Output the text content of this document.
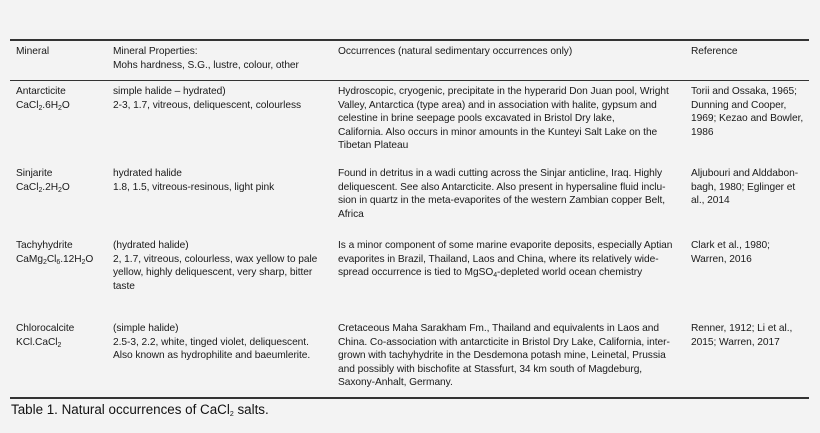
Mineral	Mineral Properties:
Mohs hardness, S.G., lustre, colour, other
Occurrences (natural sedimentary occurrences only)	Reference
Antarcticite
$CaCl_2.6H_2O$
simple halide – hydrated)
2-3, 1.7, vitreous, deliquescent, colourless
Hydroscopic, cryogenic, precipitate in the hyperarid Don Juan pool, Wright
Valley, Antarctica (type area) and in association with halite, gypsum and
celestine in brine seepage pools excavated in Bristol Dry lake,
California. Also occurs in minor amounts in the Kunteyi Salt Lake on the
Tibetan Plateau
Torii and Ossaka, 1965;
Dunning and Cooper,
1969; Kezao and Bowler,
1986
Sinjarite
$CaCl_2.2H_2O$
hydrated halide
1.8, 1.5, vitreous-resinous, light pink
Found in detritus in a wadi cutting across the Sinjar anticline, Iraq. Highly
deliquescent. See also Antarcticite. Also present in hypersaline fluid inclu-
sion in quartz in the meta-evaporites of the western Zambian copper Belt,
Africa
Aljubouri and Alddabon-
bagh, 1980; Eglinger et
al., 2014
Tachyhydrite
$CaMg_2Cl_6.12H_2O$
(hydrated halide)
2, 1.7, vitreous, colourless, wax yellow to pale
yellow, highly deliquescent, very sharp, bitter
taste
Is a minor component of some marine evaporite deposits, especially Aptian
evaporites in Brazil, Thailand, Laos and China, where its relatively wide-
spread occurrence is tied to MgSO$_4$-depleted world ocean chemistry
Clark et al., 1980;
Warren, 2016
Chlorocalcite
KCl.CaCl$_2$
(simple halide)
2.5-3, 2.2, white, tinged violet, deliquescent.
Also known as hydrophilite and baeumlerite.
Cretaceous Maha Sarakham Fm., Thailand and equivalents in Laos and
China. Co-association with antarcticite in Bristol Dry Lake, California, inter-
grown with tachyhydrite in the Desdemona potash mine, Leinetal, Prussia
and possibly with bischofite at Stassfurt, 34 km south of Magdeburg,
Saxony-Anhalt, Germany.
Renner, 1912; Li et al.,
2015; Warren, 2017
Table 1. Natural occurrences of CaCl$_2$ salts.
